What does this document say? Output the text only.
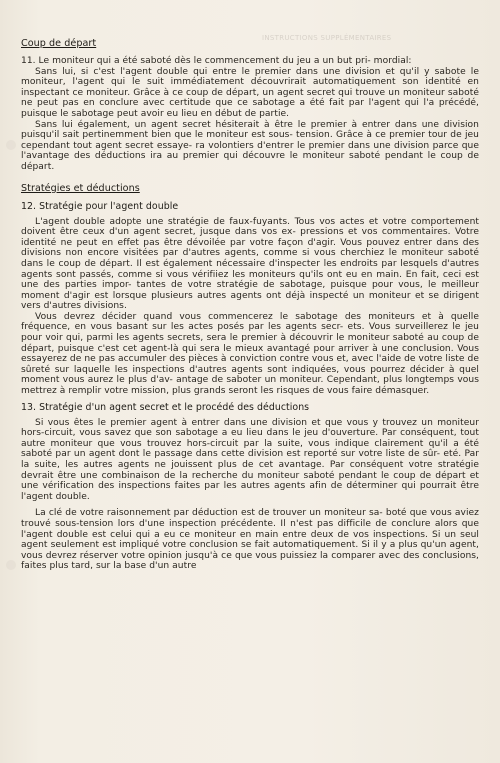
INSTRUCTIONS SUPPLÉMENTAIRES
Coup de départ

11. Le moniteur qui a été saboté dès le commencement du jeu a un but pri- mordial:

Sans lui, si c'est l'agent double qui entre le premier dans une division et qu'il y sabote le moniteur, l'agent qui le suit immédiatement découvrirait automatiquement son identité en inspectant ce moniteur. Grâce à ce coup de départ, un agent secret qui trouve un moniteur saboté ne peut pas en conclure avec certitude que ce sabotage a été fait par l'agent qui l'a précédé, puisque le sabotage peut avoir eu lieu en début de partie.

Sans lui également, un agent secret hésiterait à être le premier à entrer dans une division puisqu'il sait pertinemment bien que le moniteur est sous- tension. Grâce à ce premier tour de jeu cependant tout agent secret essaye- ra volontiers d'entrer le premier dans une division parce que l'avantage des déductions ira au premier qui découvre le moniteur saboté pendant le coup de départ.

Stratégies et déductions
12. Stratégie pour l'agent double

L'agent double adopte une stratégie de faux-fuyants. Tous vos actes et votre comportement doivent être ceux d'un agent secret, jusque dans vos ex- pressions et vos commentaires. Votre identité ne peut en effet pas être dévoilée par votre façon d'agir. Vous pouvez entrer dans des divisions non encore visitées par d'autres agents, comme si vous cherchiez le moniteur saboté dans le coup de départ. Il est également nécessaire d'inspecter les endroits par lesquels d'autres agents sont passés, comme si vous vérifiiez les moniteurs qu'ils ont eu en main. En fait, ceci est une des parties impor- tantes de votre stratégie de sabotage, puisque pour vous, le meilleur moment d'agir est lorsque plusieurs autres agents ont déjà inspecté un moniteur et se dirigent vers d'autres divisions.

Vous devrez décider quand vous commencerez le sabotage des moniteurs et à quelle fréquence, en vous basant sur les actes posés par les agents secr- ets. Vous surveillerez le jeu pour voir qui, parmi les agents secrets, sera le premier à découvrir le moniteur saboté au coup de départ, puisque c'est cet agent-là qui sera le mieux avantagé pour arriver à une conclusion. Vous essayerez de ne pas accumuler des pièces à conviction contre vous et, avec l'aide de votre liste de sûreté sur laquelle les inspections d'autres agents sont indiquées, vous pourrez décider à quel moment vous aurez le plus d'av- antage de saboter un moniteur. Cependant, plus longtemps vous mettrez à remplir votre mission, plus grands seront les risques de vous faire démasquer.

13. Stratégie d'un agent secret et le procédé des déductions

Si vous êtes le premier agent à entrer dans une division et que vous y trouvez un moniteur hors-circuit, vous savez que son sabotage a eu lieu dans le jeu d'ouverture. Par conséquent, tout autre moniteur que vous trouvez hors-circuit par la suite, vous indique clairement qu'il a été saboté par un agent dont le passage dans cette division est reporté sur votre liste de sûr- eté. Par la suite, les autres agents ne jouissent plus de cet avantage. Par conséquent votre stratégie devrait être une combinaison de la recherche du moniteur saboté pendant le coup de départ et une vérification des inspections faites par les autres agents afin de déterminer qui pourrait être l'agent double.

La clé de votre raisonnement par déduction est de trouver un moniteur sa- boté que vous aviez trouvé sous-tension lors d'une inspection précédente. Il n'est pas difficile de conclure alors que l'agent double est celui qui a eu ce moniteur en main entre deux de vos inspections. Si un seul agent seulement est impliqué votre conclusion se fait automatiquement. Si il y a plus qu'un agent, vous devrez réserver votre opinion jusqu'à ce que vous puissiez la comparer avec des conclusions, faites plus tard, sur la base d'un autre
